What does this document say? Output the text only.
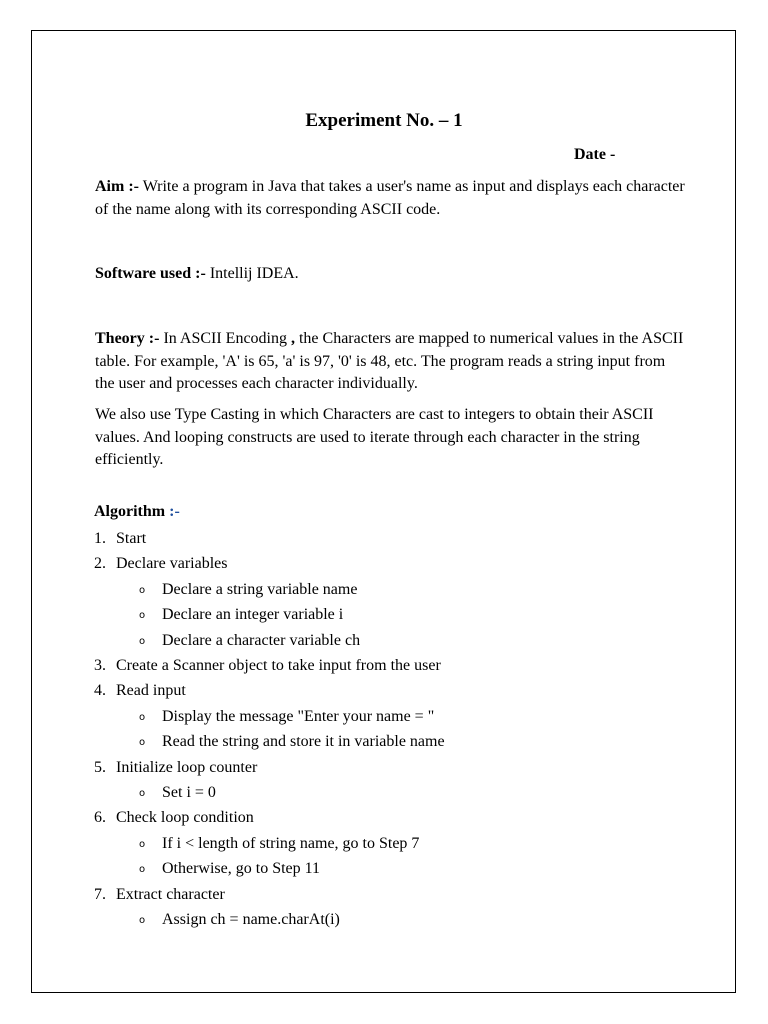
Experiment No. – 1
Date -
Aim :- Write a program in Java that takes a user's name as input and displays each character of the name along with its corresponding ASCII code.
Software used :- Intellij IDEA.
Theory :- In ASCII Encoding , the Characters are mapped to numerical values in the ASCII table. For example, 'A' is 65, 'a' is 97, '0' is 48, etc. The program reads a string input from the user and processes each character individually.
We also use Type Casting in which Characters are cast to integers to obtain their ASCII values. And looping constructs are used to iterate through each character in the string efficiently.
Algorithm :-
1. Start
2. Declare variables
o Declare a string variable name
o Declare an integer variable i
o Declare a character variable ch
3. Create a Scanner object to take input from the user
4. Read input
o Display the message "Enter your name = "
o Read the string and store it in variable name
5. Initialize loop counter
o Set i = 0
6. Check loop condition
o If i < length of string name, go to Step 7
o Otherwise, go to Step 11
7. Extract character
o Assign ch = name.charAt(i)
